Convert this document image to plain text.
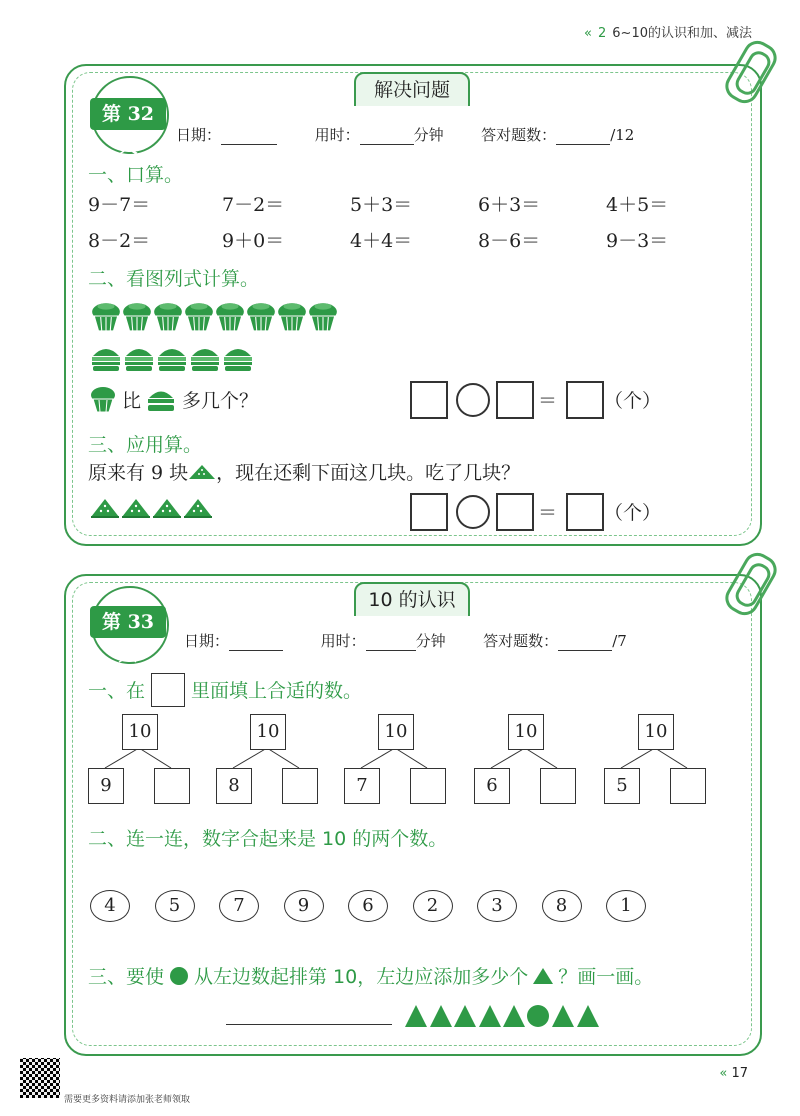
« 2 6~10的认识和加、减法
解决问题
第 32 天	日期：	用时：	分钟	答对题数：	/12
一、口算。
二、看图列式计算。
比 多几个？	＝ （个）
三、应用算。
原来有 9 块 ，现在还剩下面这几块。吃了几块？
＝ （个）
10 的认识
第 33 天
日期：	用时：	分钟	答对题数：	/7
一、在 里面填上合适的数。
二、连一连，数字合起来是 10 的两个数。
三、要使 从左边数起排第 10，左边应添加多少个 ？画一画。
需要更多资料请添加张老师领取
« 17
9－7＝	7－2＝	5＋3＝	6＋3＝	4＋5＝
8－2＝	9＋0＝	4＋4＝	8－6＝	9－3＝
10
9
10
8
10
7
10
6
10
5
4	5	7	9	6	2	3	8	1
